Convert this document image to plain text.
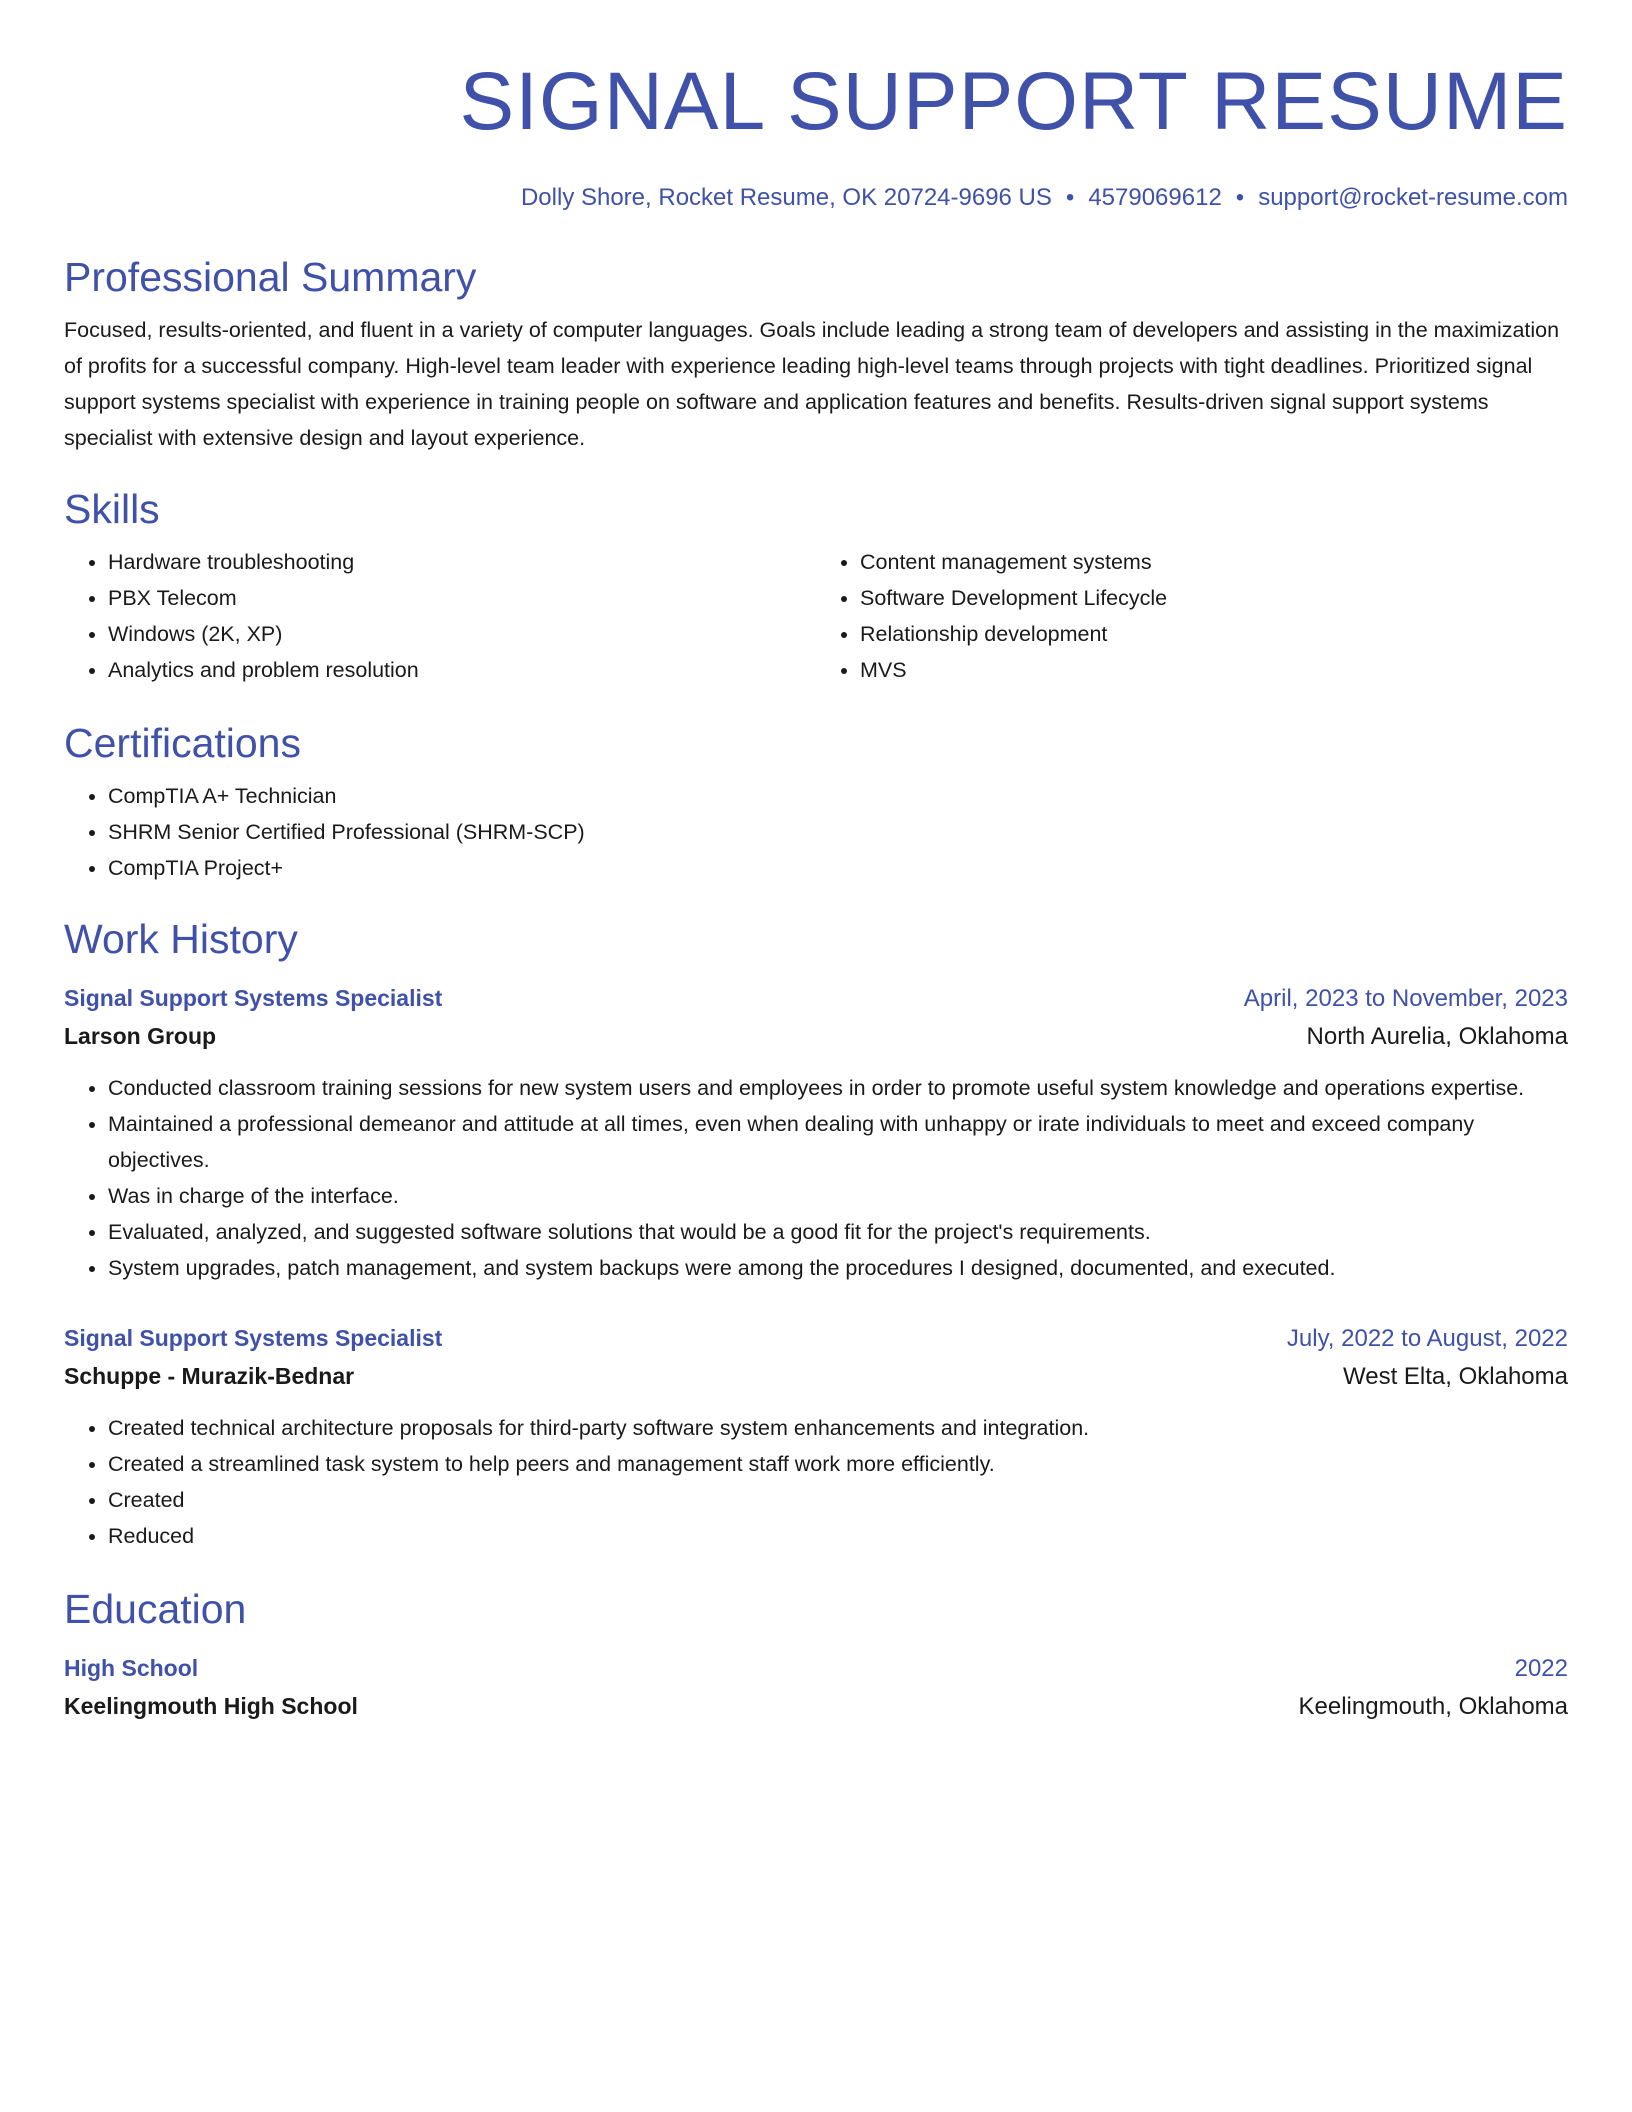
SIGNAL SUPPORT RESUME
Dolly Shore, Rocket Resume, OK 20724-9696 US • 4579069612 • support@rocket-resume.com
Professional Summary

Focused, results-oriented, and fluent in a variety of computer languages. Goals include leading a strong team of developers and assisting in the maximization of profits for a successful company. High-level team leader with experience leading high-level teams through projects with tight deadlines. Prioritized signal support systems specialist with experience in training people on software and application features and benefits. Results-driven signal support systems specialist with extensive design and layout experience.

Skills
• Hardware troubleshooting
• PBX Telecom
• Windows (2K, XP)
• Analytics and problem resolution
• Content management systems
• Software Development Lifecycle
• Relationship development
• MVS
Certifications
• CompTIA A+ Technician
• SHRM Senior Certified Professional (SHRM-SCP)
• CompTIA Project+
Work History
Signal Support Systems Specialist	April, 2023 to November, 2023
Larson Group	North Aurelia, Oklahoma
• Conducted classroom training sessions for new system users and employees in order to promote useful system knowledge and operations expertise.
• Maintained a professional demeanor and attitude at all times, even when dealing with unhappy or irate individuals to meet and exceed company objectives.
• Was in charge of the interface.
• Evaluated, analyzed, and suggested software solutions that would be a good fit for the project's requirements.
• System upgrades, patch management, and system backups were among the procedures I designed, documented, and executed.
Signal Support Systems Specialist	July, 2022 to August, 2022
Schuppe - Murazik-Bednar	West Elta, Oklahoma
• Created technical architecture proposals for third-party software system enhancements and integration.
• Created a streamlined task system to help peers and management staff work more efficiently.
• Created
• Reduced
Education
High School	2022
Keelingmouth High School	Keelingmouth, Oklahoma
